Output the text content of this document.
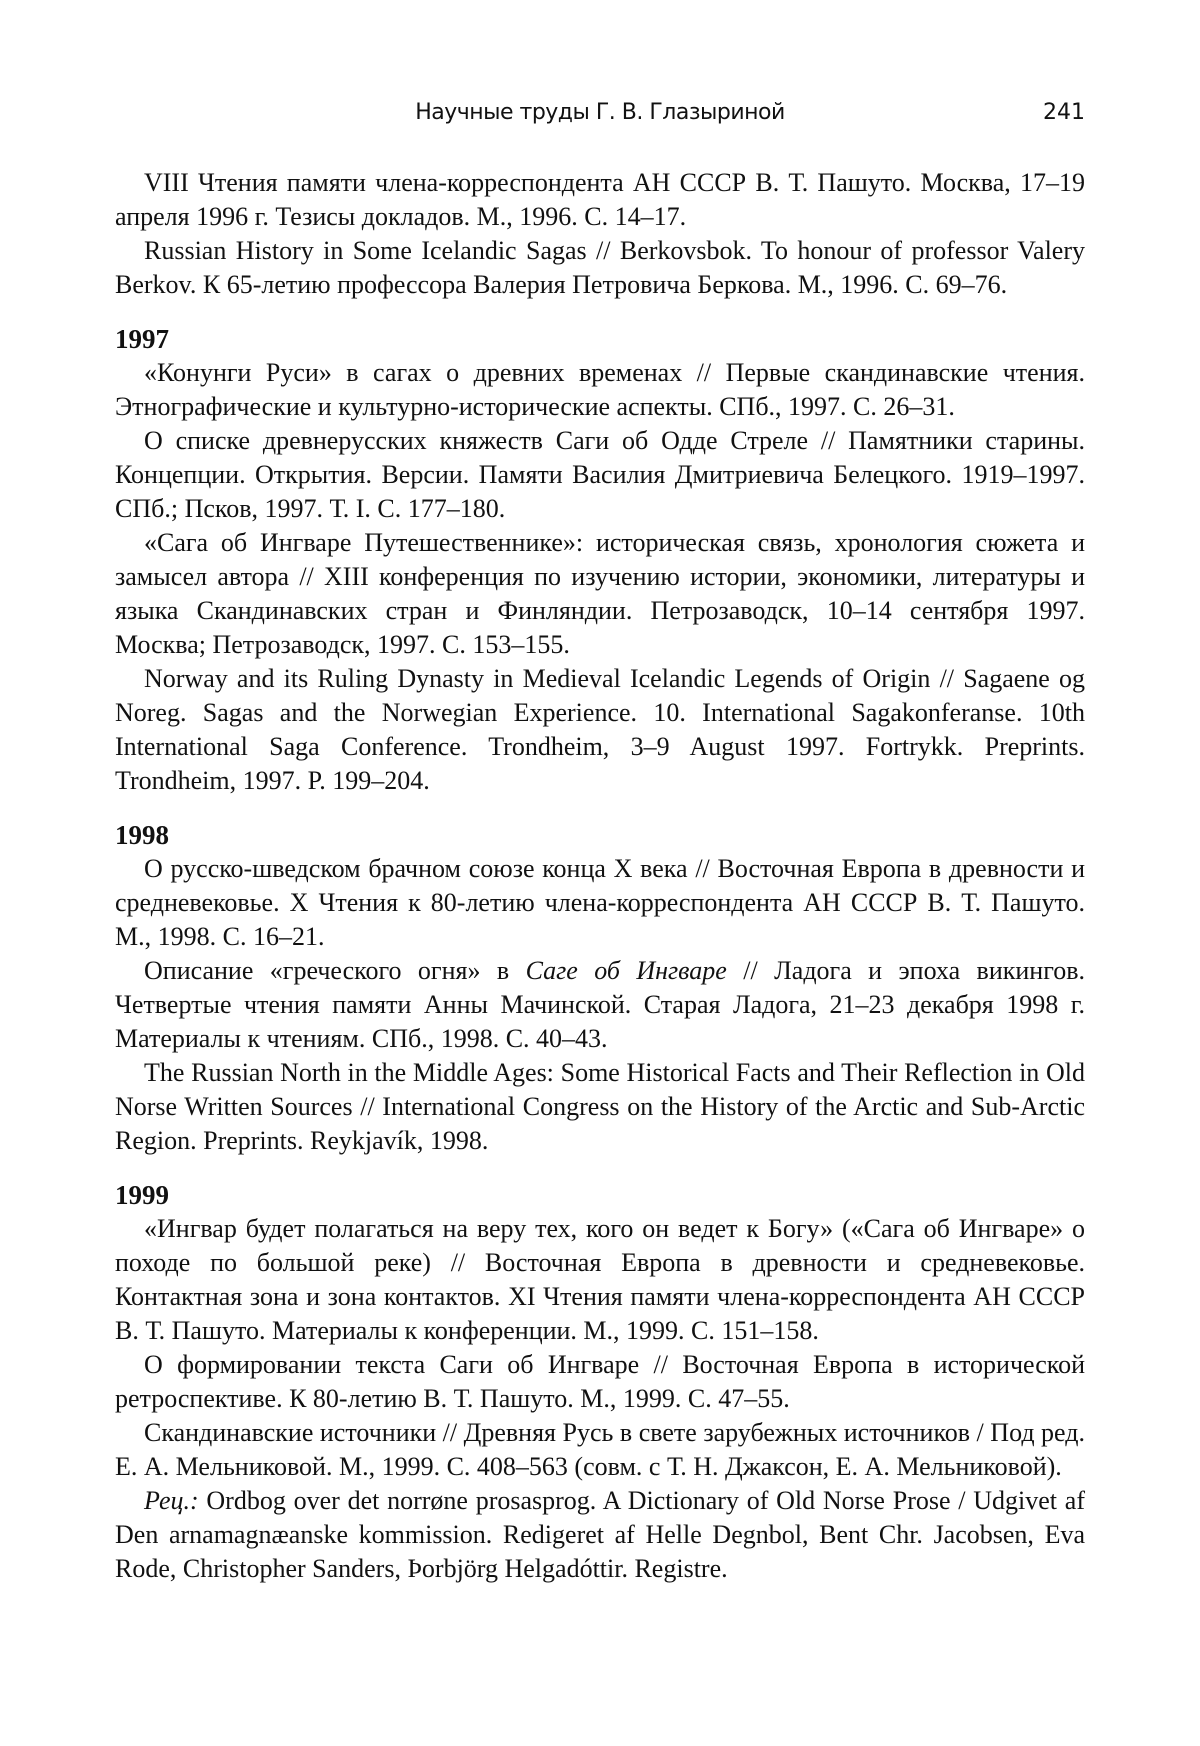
Научные труды Г. В. Глазыриной	241

VIII Чтения памяти члена-корреспондента АН СССР В. Т. Пашуто. Москва, 17–19 апреля 1996 г. Тезисы докладов. М., 1996. С. 14–17.

Russian History in Some Icelandic Sagas // Berkovsbok. To honour of professor Valery Berkov. К 65-летию профессора Валерия Петровича Беркова. М., 1996. С. 69–76.

1997

«Конунги Руси» в сагах о древних временах // Первые скандинавские чтения. Этнографические и культурно-исторические аспекты. СПб., 1997. С. 26–31.

О списке древнерусских княжеств Саги об Одде Стреле // Памятники старины. Концепции. Открытия. Версии. Памяти Василия Дмитриевича Белецкого. 1919–1997. СПб.; Псков, 1997. Т. I. С. 177–180.

«Сага об Ингваре Путешественнике»: историческая связь, хронология сюжета и замысел автора // XIII конференция по изучению истории, экономики, литературы и языка Скандинавских стран и Финляндии. Петрозаводск, 10–14 сентября 1997. Москва; Петрозаводск, 1997. С. 153–155.

Norway and its Ruling Dynasty in Medieval Icelandic Legends of Origin // Sagaene og Noreg. Sagas and the Norwegian Experience. 10. International Sagakonferanse. 10th International Saga Conference. Trondheim, 3–9 August 1997. Fortrykk. Preprints. Trondheim, 1997. P. 199–204.

1998

О русско-шведском брачном союзе конца X века // Восточная Европа в древности и средневековье. X Чтения к 80-летию члена-корреспондента АН СССР В. Т. Пашуто. М., 1998. С. 16–21.

Описание «греческого огня» в Саге об Ингваре // Ладога и эпоха викингов. Четвертые чтения памяти Анны Мачинской. Старая Ладога, 21–23 декабря 1998 г. Материалы к чтениям. СПб., 1998. С. 40–43.

The Russian North in the Middle Ages: Some Historical Facts and Their Reflection in Old Norse Written Sources // International Congress on the History of the Arctic and Sub-Arctic Region. Preprints. Reykjavík, 1998.

1999

«Ингвар будет полагаться на веру тех, кого он ведет к Богу» («Сага об Ингваре» о походе по большой реке) // Восточная Европа в древности и средневековье. Контактная зона и зона контактов. XI Чтения памяти члена-корреспондента АН СССР В. Т. Пашуто. Материалы к конференции. М., 1999. С. 151–158.

О формировании текста Саги об Ингваре // Восточная Европа в исторической ретроспективе. К 80-летию В. Т. Пашуто. М., 1999. С. 47–55.

Скандинавские источники // Древняя Русь в свете зарубежных источников / Под ред. Е. А. Мельниковой. М., 1999. С. 408–563 (совм. с Т. Н. Джаксон, Е. А. Мельниковой).

Рец.: Ordbog over det norrøne prosasprog. A Dictionary of Old Norse Prose / Udgivet af Den arnamagnæanske kommission. Redigeret af Helle Degnbol, Bent Chr. Jacobsen, Eva Rode, Christopher Sanders, Þorbjörg Helgadóttir. Registre.
